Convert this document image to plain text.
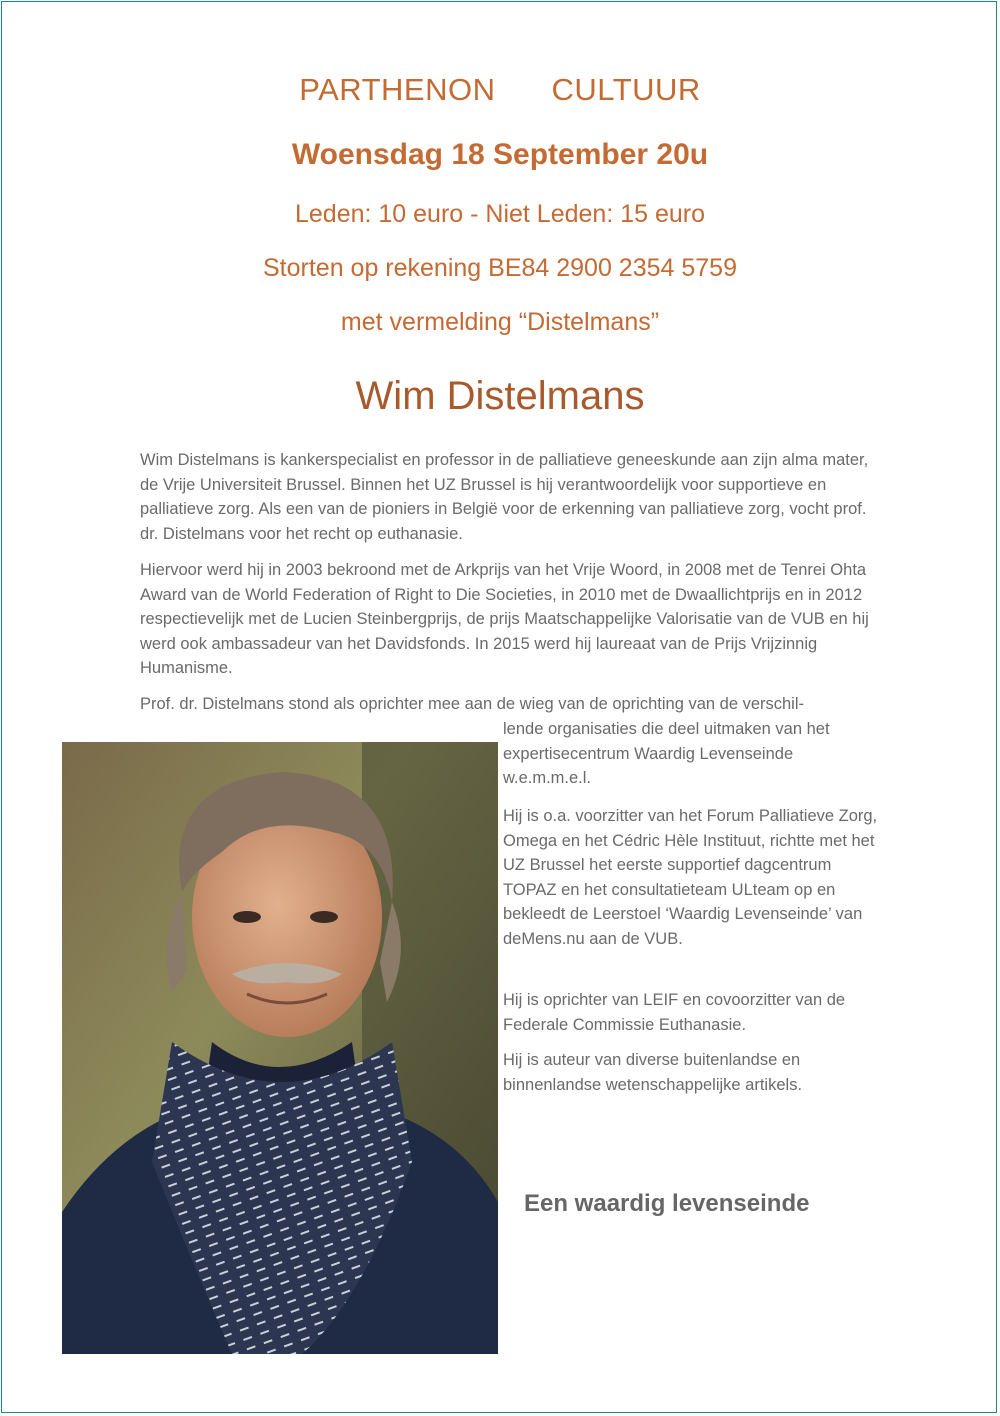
PARTHENON CULTUUR
Woensdag 18 September 20u
Leden: 10 euro - Niet Leden: 15 euro
Storten op rekening BE84 2900 2354 5759
met vermelding “Distelmans”
Wim Distelmans

Wim Distelmans is kankerspecialist en professor in de palliatieve geneeskunde aan zijn alma mater, de Vrije Universiteit Brussel. Binnen het UZ Brussel is hij verantwoordelijk voor supportieve en palliatieve zorg. Als een van de pioniers in België voor de erkenning van palliatieve zorg, vocht prof. dr. Distelmans voor het recht op euthanasie.

Hiervoor werd hij in 2003 bekroond met de Arkprijs van het Vrije Woord, in 2008 met de Tenrei Ohta Award van de World Federation of Right to Die Societies, in 2010 met de Dwaallichtprijs en in 2012 respectievelijk met de Lucien Steinbergprijs, de prijs Maatschappelijke Valorisatie van de VUB en hij werd ook ambassadeur van het Davidsfonds. In 2015 werd hij laureaat van de Prijs Vrijzinnig Humanisme.

Prof. dr. Distelmans stond als oprichter mee aan de wieg van de oprichting van de verschil-

lende organisaties die deel uitmaken van het expertisecentrum Waardig Levenseinde w.e.m.m.e.l.

Hij is o.a. voorzitter van het Forum Palliatieve Zorg, Omega en het Cédric Hèle Instituut, richtte met het UZ Brussel het eerste supportief dagcentrum TOPAZ en het consultatieteam ULteam op en bekleedt de Leerstoel ‘Waardig Levenseinde’ van deMens.nu aan de VUB.

Hij is oprichter van LEIF en covoorzitter van de Federale Commissie Euthanasie.

Hij is auteur van diverse buitenlandse en binnenlandse wetenschappelijke artikels.

Een waardig levenseinde
